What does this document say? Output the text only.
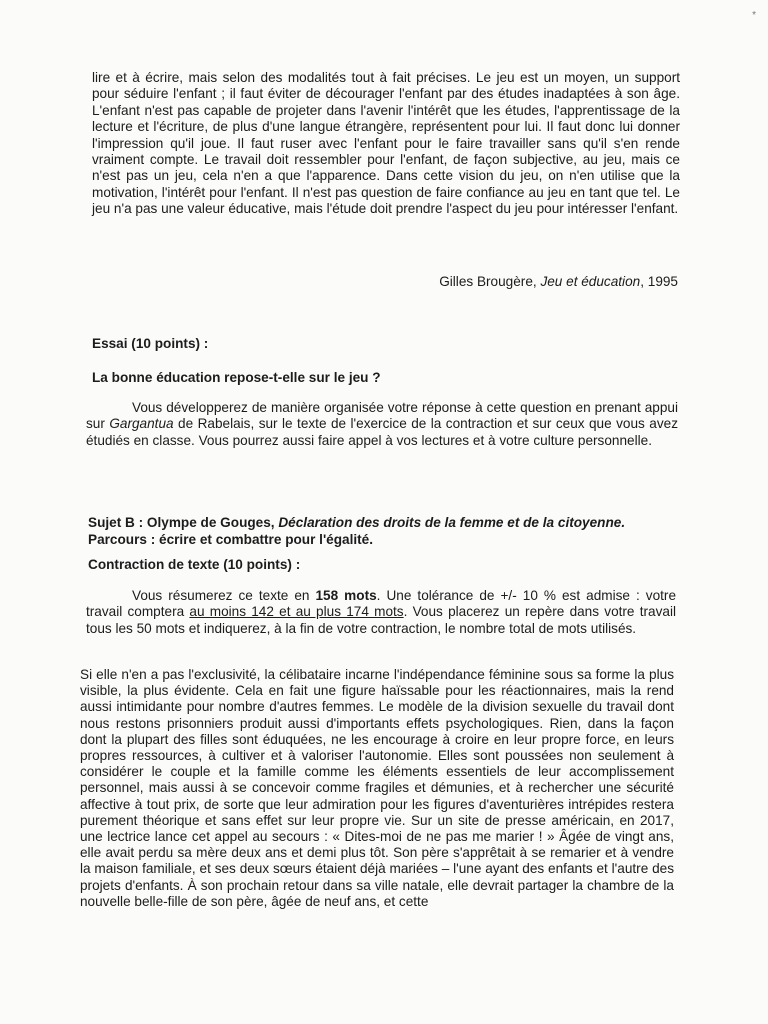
*

lire et à écrire, mais selon des modalités tout à fait précises. Le jeu est un moyen, un support pour séduire l'enfant ; il faut éviter de décourager l'enfant par des études inadaptées à son âge. L'enfant n'est pas capable de projeter dans l'avenir l'intérêt que les études, l'apprentissage de la lecture et l'écriture, de plus d'une langue étrangère, représentent pour lui. Il faut donc lui donner l'impression qu'il joue. Il faut ruser avec l'enfant pour le faire travailler sans qu'il s'en rende vraiment compte. Le travail doit ressembler pour l'enfant, de façon subjective, au jeu, mais ce n'est pas un jeu, cela n'en a que l'apparence. Dans cette vision du jeu, on n'en utilise que la motivation, l'intérêt pour l'enfant. Il n'est pas question de faire confiance au jeu en tant que tel. Le jeu n'a pas une valeur éducative, mais l'étude doit prendre l'aspect du jeu pour intéresser l'enfant.

Gilles Brougère, Jeu et éducation, 1995
Essai (10 points) :
La bonne éducation repose-t-elle sur le jeu ?

Vous développerez de manière organisée votre réponse à cette question en prenant appui sur Gargantua de Rabelais, sur le texte de l'exercice de la contraction et sur ceux que vous avez étudiés en classe. Vous pourrez aussi faire appel à vos lectures et à votre culture personnelle.

Sujet B : Olympe de Gouges, Déclaration des droits de la femme et de la citoyenne. Parcours : écrire et combattre pour l'égalité.
Contraction de texte (10 points) :

Vous résumerez ce texte en 158 mots. Une tolérance de +/- 10 % est admise : votre travail comptera au moins 142 et au plus 174 mots. Vous placerez un repère dans votre travail tous les 50 mots et indiquerez, à la fin de votre contraction, le nombre total de mots utilisés.

Si elle n'en a pas l'exclusivité, la célibataire incarne l'indépendance féminine sous sa forme la plus visible, la plus évidente. Cela en fait une figure haïssable pour les réactionnaires, mais la rend aussi intimidante pour nombre d'autres femmes. Le modèle de la division sexuelle du travail dont nous restons prisonniers produit aussi d'importants effets psychologiques. Rien, dans la façon dont la plupart des filles sont éduquées, ne les encourage à croire en leur propre force, en leurs propres ressources, à cultiver et à valoriser l'autonomie. Elles sont poussées non seulement à considérer le couple et la famille comme les éléments essentiels de leur accomplissement personnel, mais aussi à se concevoir comme fragiles et démunies, et à rechercher une sécurité affective à tout prix, de sorte que leur admiration pour les figures d'aventurières intrépides restera purement théorique et sans effet sur leur propre vie. Sur un site de presse américain, en 2017, une lectrice lance cet appel au secours : « Dites-moi de ne pas me marier ! » Âgée de vingt ans, elle avait perdu sa mère deux ans et demi plus tôt. Son père s'apprêtait à se remarier et à vendre la maison familiale, et ses deux sœurs étaient déjà mariées – l'une ayant des enfants et l'autre des projets d'enfants. À son prochain retour dans sa ville natale, elle devrait partager la chambre de la nouvelle belle-fille de son père, âgée de neuf ans, et cette
